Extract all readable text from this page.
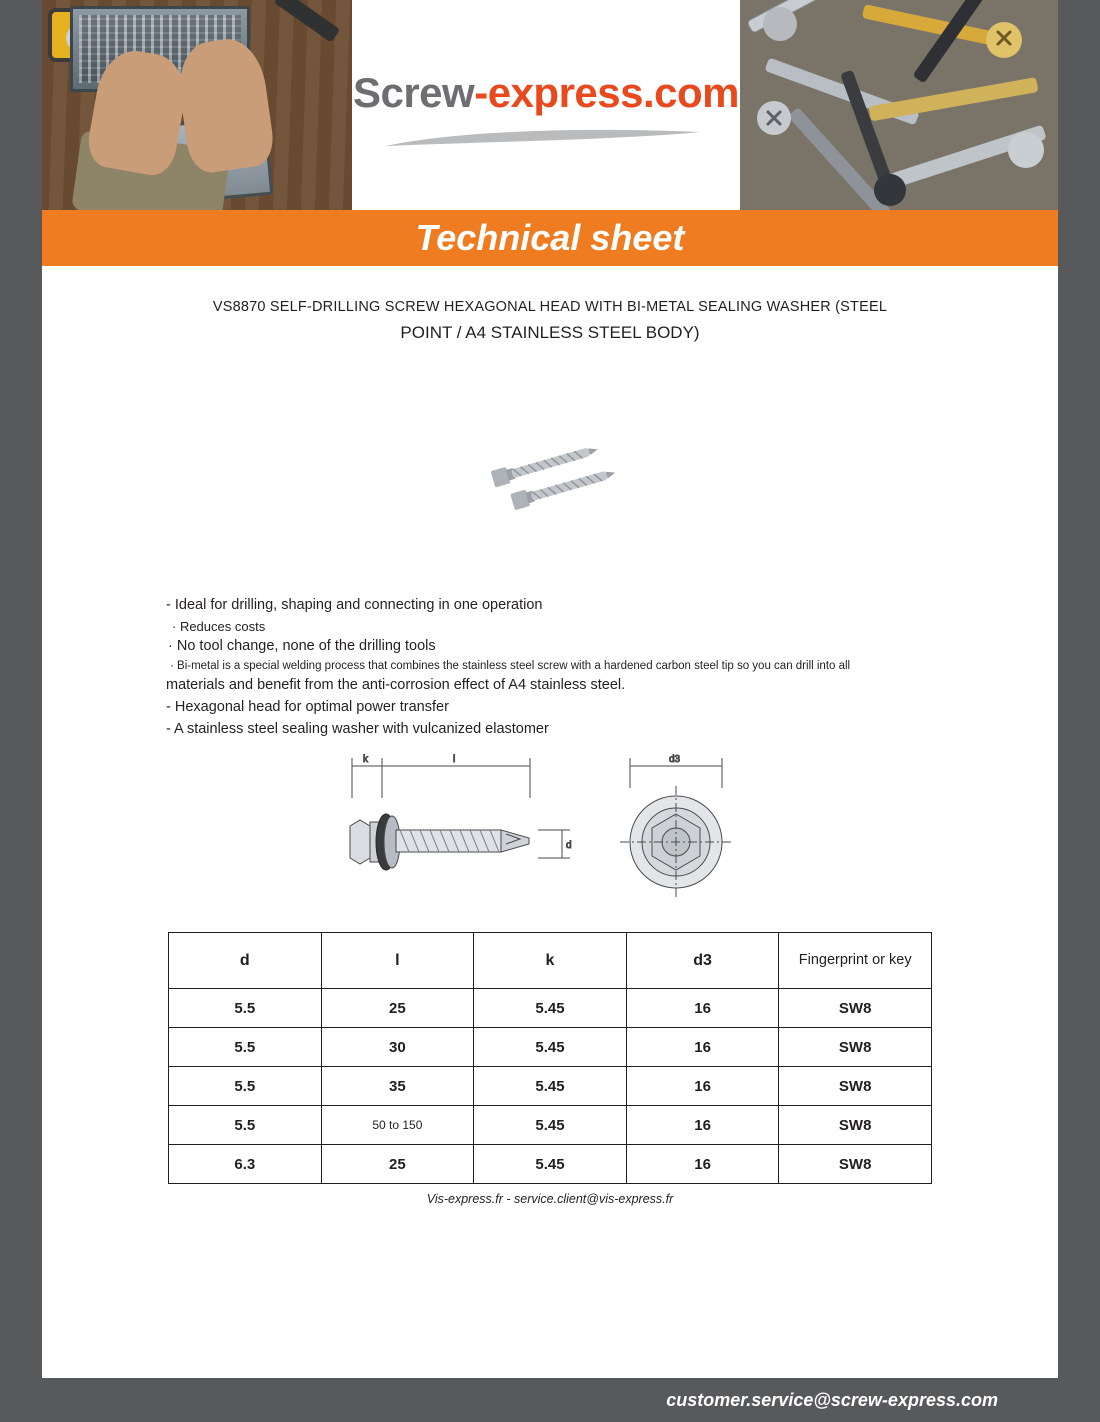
Screw-express.com
Technical sheet
VS8870 SELF-DRILLING SCREW HEXAGONAL HEAD WITH BI-METAL SEALING WASHER (STEEL
POINT / A4 STAINLESS STEEL BODY)
- Ideal for drilling, shaping and connecting in one operation
· Reduces costs
· No tool change, none of the drilling tools
· Bi-metal is a special welding process that combines the stainless steel screw with a hardened carbon steel tip so you can drill into all
materials and benefit from the anti-corrosion effect of A4 stainless steel.
- Hexagonal head for optimal power transfer
- A stainless steel sealing washer with vulcanized elastomer
k	l
d
d3
d	l	k	d3	Fingerprint or key
5.5	25	5.45	16	SW8
5.5	30	5.45	16	SW8
5.5	35	5.45	16	SW8
5.5	50 to 150	5.45	16	SW8
6.3	25	5.45	16	SW8
Vis-express.fr - service.client@vis-express.fr
customer.service@screw-express.com
